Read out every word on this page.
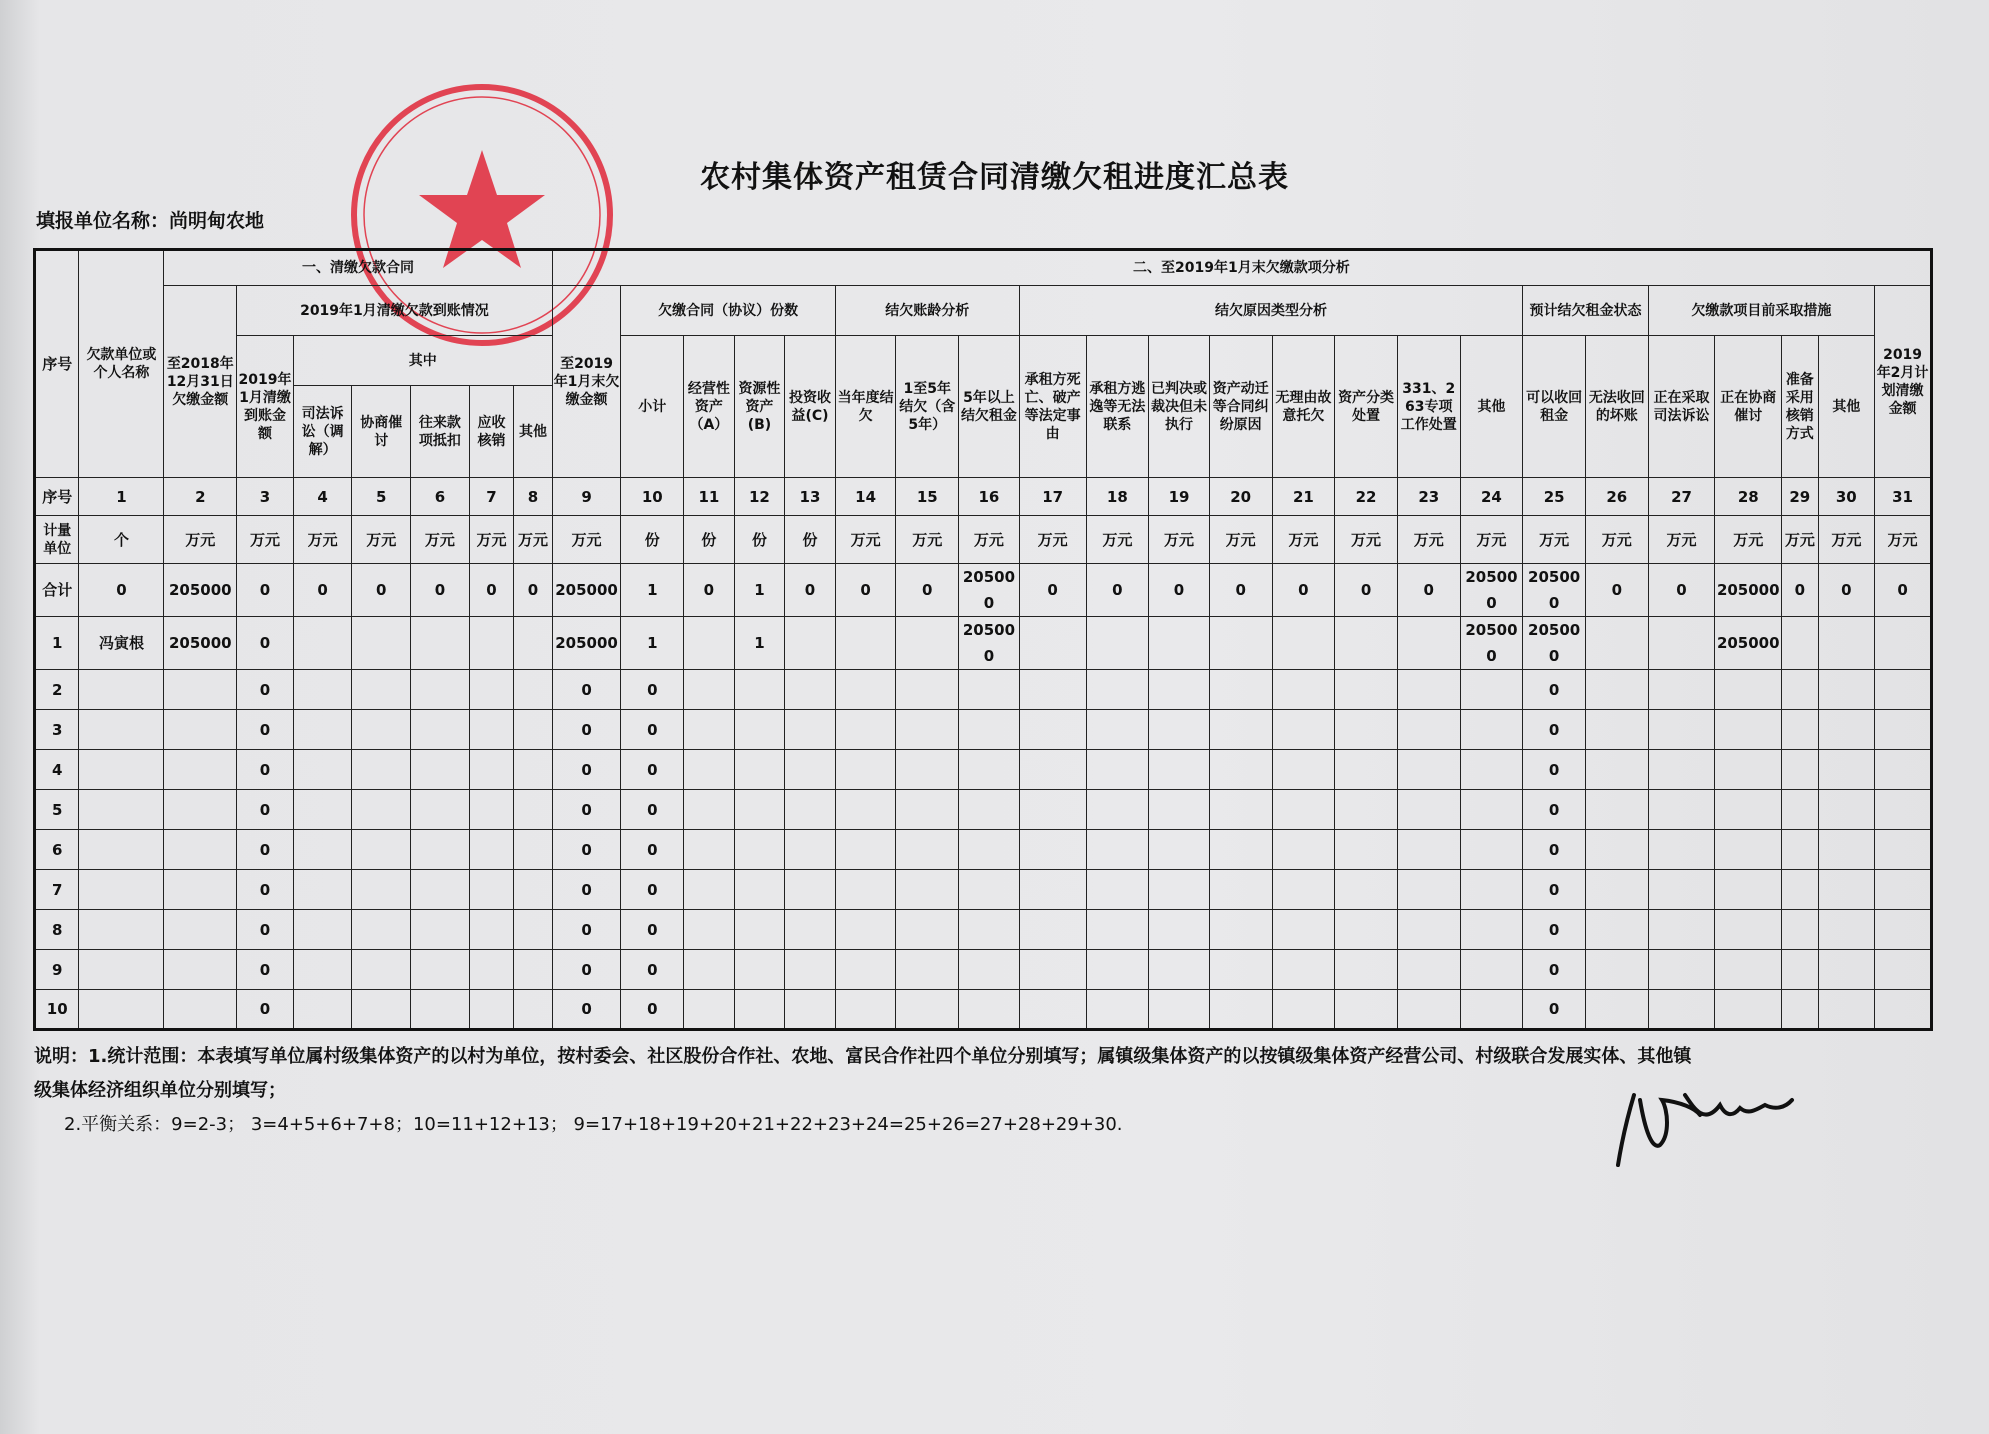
农村集体资产租赁合同清缴欠租进度汇总表
填报单位名称：尚明甸农地
序号	欠款单位或个人名称	一、清缴欠款合同							二、至2019年1月末欠缴款项分析																						
		至2018年12月31日欠缴金额	2019年1月清缴欠款到账情况						至2019年1月末欠缴金额	欠缴合同（协议）份数				结欠账龄分析			结欠原因类型分析								预计结欠租金状态		欠缴款项目前采取措施				2019年2月计划清缴金额
			2019年1月清缴到账金额	其中						小计	经营性资产（A）	资源性资产(B)	投资收益(C)	当年度结欠	1至5年结欠（含5年）	5年以上结欠租金	承租方死亡、破产等法定事由	承租方逃逸等无法联系	已判决或裁决但未执行	资产动迁等合同纠纷原因	无理由故意托欠	资产分类处置	331、263专项工作处置	其他	可以收回租金	无法收回的坏账	正在采取司法诉讼	正在协商催讨	准备采用核销方式	其他	
				司法诉讼（调解）	协商催讨	往来款项抵扣	应收核销	其他																							

序号	1	2	3	4	5	6	7	8	9	10	11	12	13	14	15	16	17	18	19	20	21	22	23	24	25	26	27	28	29	30	31
计量单位	个	万元	万元	万元	万元	万元	万元	万元	万元	份	份	份	份	万元	万元	万元	万元	万元	万元	万元	万元	万元	万元	万元	万元	万元	万元	万元	万元	万元	万元
合计	0	205000	0	0	0	0	0	0	205000	1	0	1	0	0	0	205000	0	0	0	0	0	0	0	205000	205000	0	0	205000	0	0	0
1	冯寅根	205000	0						205000	1		1				205000								205000	205000			205000			
2			0						0	0															0						
3			0						0	0															0						
4			0						0	0															0						
5			0						0	0															0						
6			0						0	0															0						
7			0						0	0															0						
8			0						0	0															0						
9			0						0	0															0						
10			0						0	0															0						
说明：1.统计范围：本表填写单位属村级集体资产的以村为单位，按村委会、社区股份合作社、农地、富民合作社四个单位分别填写；属镇级集体资产的以按镇级集体资产经营公司、村级联合发展实体、其他镇级集体经济组织单位分别填写；
2.平衡关系：9=2-3； 3=4+5+6+7+8；10=11+12+13； 9=17+18+19+20+21+22+23+24=25+26=27+28+29+30.
